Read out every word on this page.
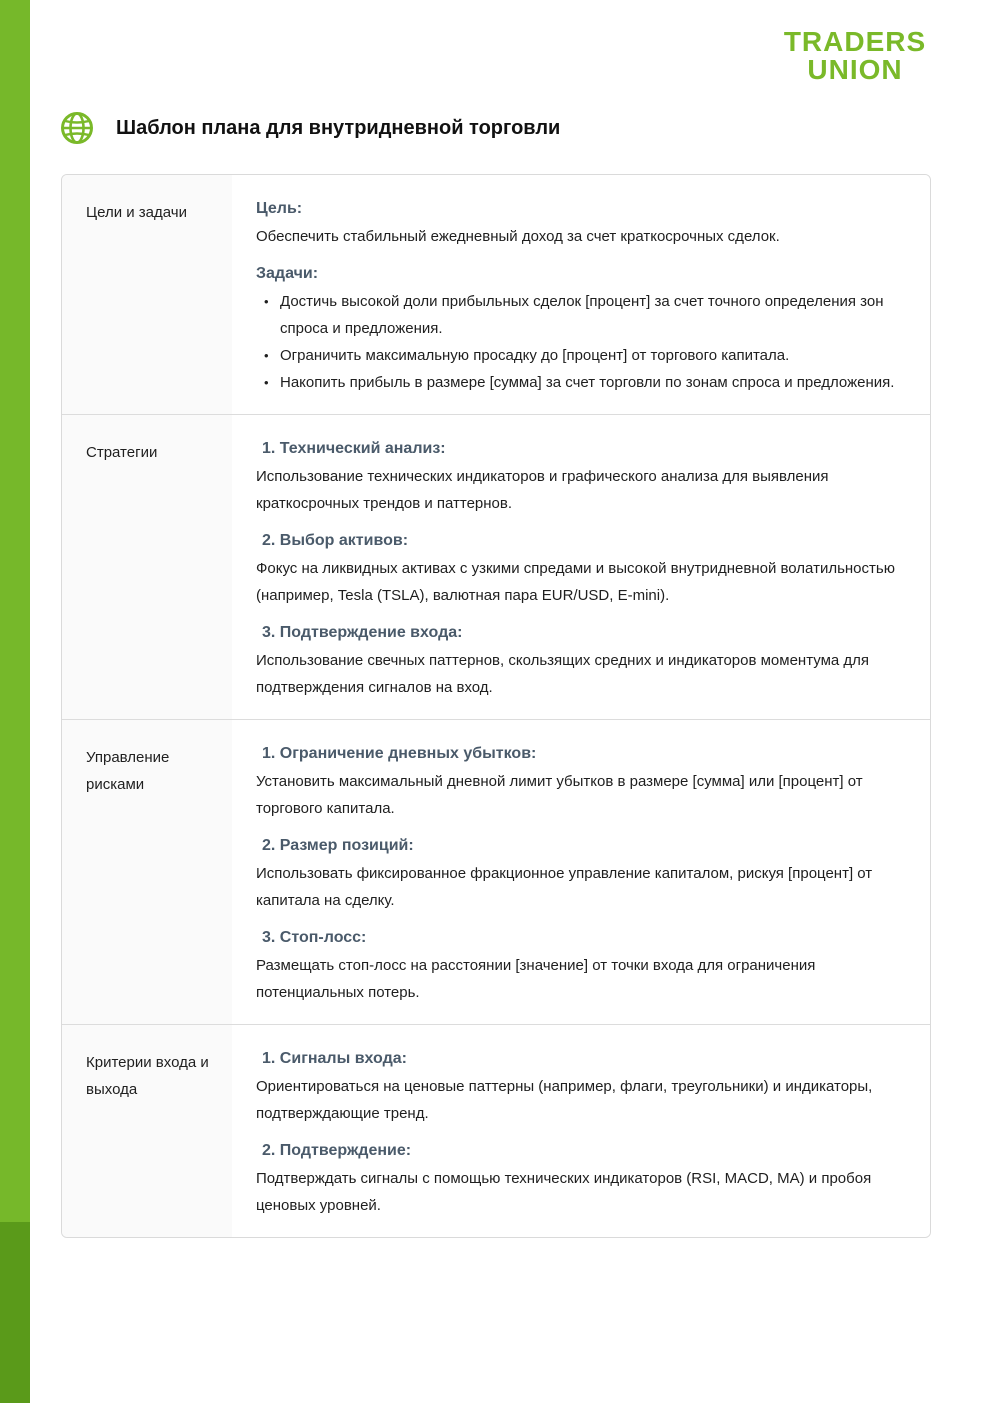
TRADERS
UNION
Шаблон плана для внутридневной торговли
Цели и задачи	Цель:
Обеспечить стабильный ежедневный доход за счет краткосрочных сделок.
Задачи:
• Достичь высокой доли прибыльных сделок [процент] за счет точного определения зон спроса и предложения.
• Ограничить максимальную просадку до [процент] от торгового капитала.
• Накопить прибыль в размере [сумма] за счет торговли по зонам спроса и предложения.
Стратегии	1. Технический анализ:
Использование технических индикаторов и графического анализа для выявления краткосрочных трендов и паттернов.
2. Выбор активов:
Фокус на ликвидных активах с узкими спредами и высокой внутридневной волатильностью (например, Tesla (TSLA), валютная пара EUR/USD, E-mini).
3. Подтверждение входа:
Использование свечных паттернов, скользящих средних и индикаторов моментума для подтверждения сигналов на вход.
Управление рисками
1. Ограничение дневных убытков:
Установить максимальный дневной лимит убытков в размере [сумма] или [процент] от торгового капитала.
2. Размер позиций:
Использовать фиксированное фракционное управление капиталом, рискуя [процент] от капитала на сделку.
3. Стоп-лосс:
Размещать стоп-лосс на расстоянии [значение] от точки входа для ограничения потенциальных потерь.
Критерии входа и выхода
1. Сигналы входа:
Ориентироваться на ценовые паттерны (например, флаги, треугольники) и индикаторы, подтверждающие тренд.
2. Подтверждение:
Подтверждать сигналы с помощью технических индикаторов (RSI, MACD, MA) и пробоя ценовых уровней.
